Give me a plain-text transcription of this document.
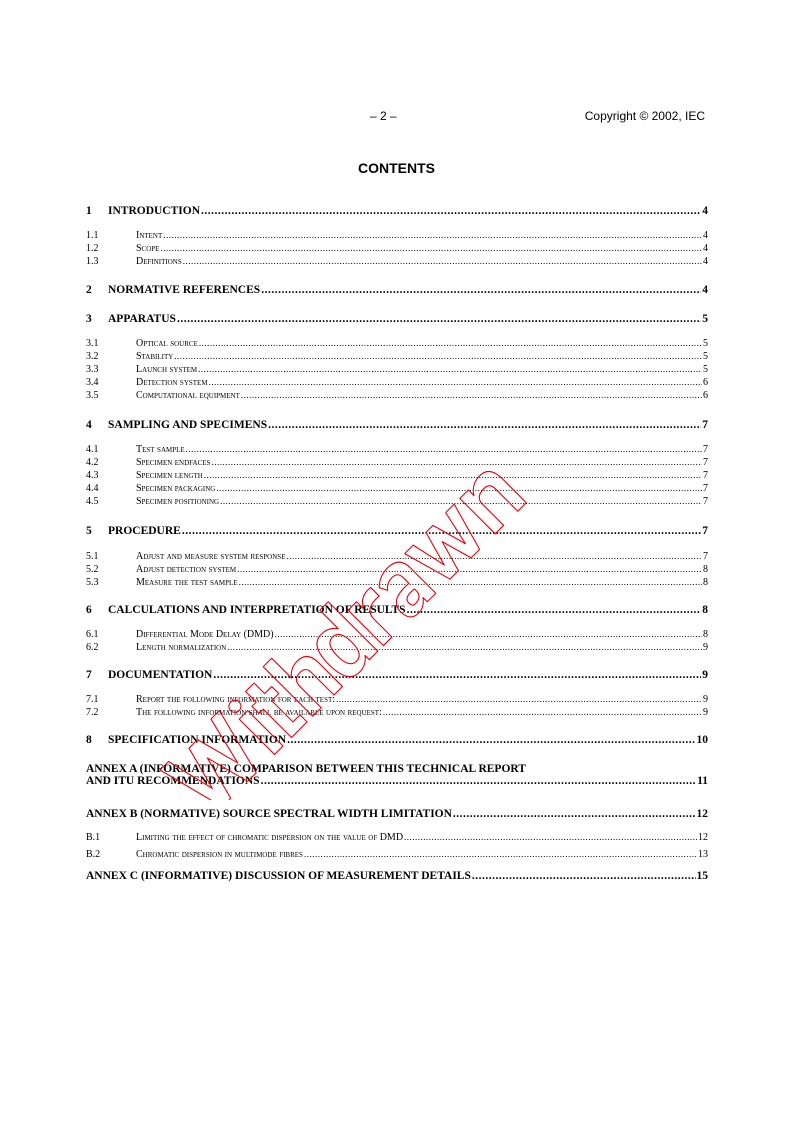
– 2 –	Copyright © 2002, IEC
CONTENTS
1	INTRODUCTION .....	4
1.1	Intent .....	4
1.2	Scope .....	4
1.3	Definitions .....	4
2	NORMATIVE REFERENCES .....	4
3	APPARATUS .....	5
3.1	Optical source .....	5
3.2	Stability .....	5
3.3	Launch system .....	5
3.4	Detection system .....	6
3.5	Computational equipment .....	6
4	SAMPLING AND SPECIMENS .....	7
4.1	Test sample .....	7
4.2	Specimen endfaces .....	7
4.3	Specimen length .....	7
4.4	Specimen packaging .....	7
4.5	Specimen positioning .....	7
5	PROCEDURE .....	7
5.1	Adjust and measure system response .....	7
5.2	Adjust detection system .....	8
5.3	Measure the test sample .....	8
6	CALCULATIONS AND INTERPRETATION OF RESULTS .....	8
6.1	Differential Mode Delay (DMD) .....	8
6.2	Length normalization .....	9
7	DOCUMENTATION .....	9
7.1	Report the following information for each test: .....	9
7.2	The following information shall be available upon request: .....	9
8	SPECIFICATION INFORMATION .....	10
ANNEX A (INFORMATIVE) COMPARISON BETWEEN THIS TECHNICAL REPORT
AND ITU RECOMMENDATIONS .....	11
ANNEX B (NORMATIVE) SOURCE SPECTRAL WIDTH LIMITATION .....	12
B.1	Limiting the effect of chromatic dispersion on the value of DMD .....	12
B.2	Chromatic dispersion in multimode fibres .....	13
ANNEX C (INFORMATIVE) DISCUSSION OF MEASUREMENT DETAILS .....	15
